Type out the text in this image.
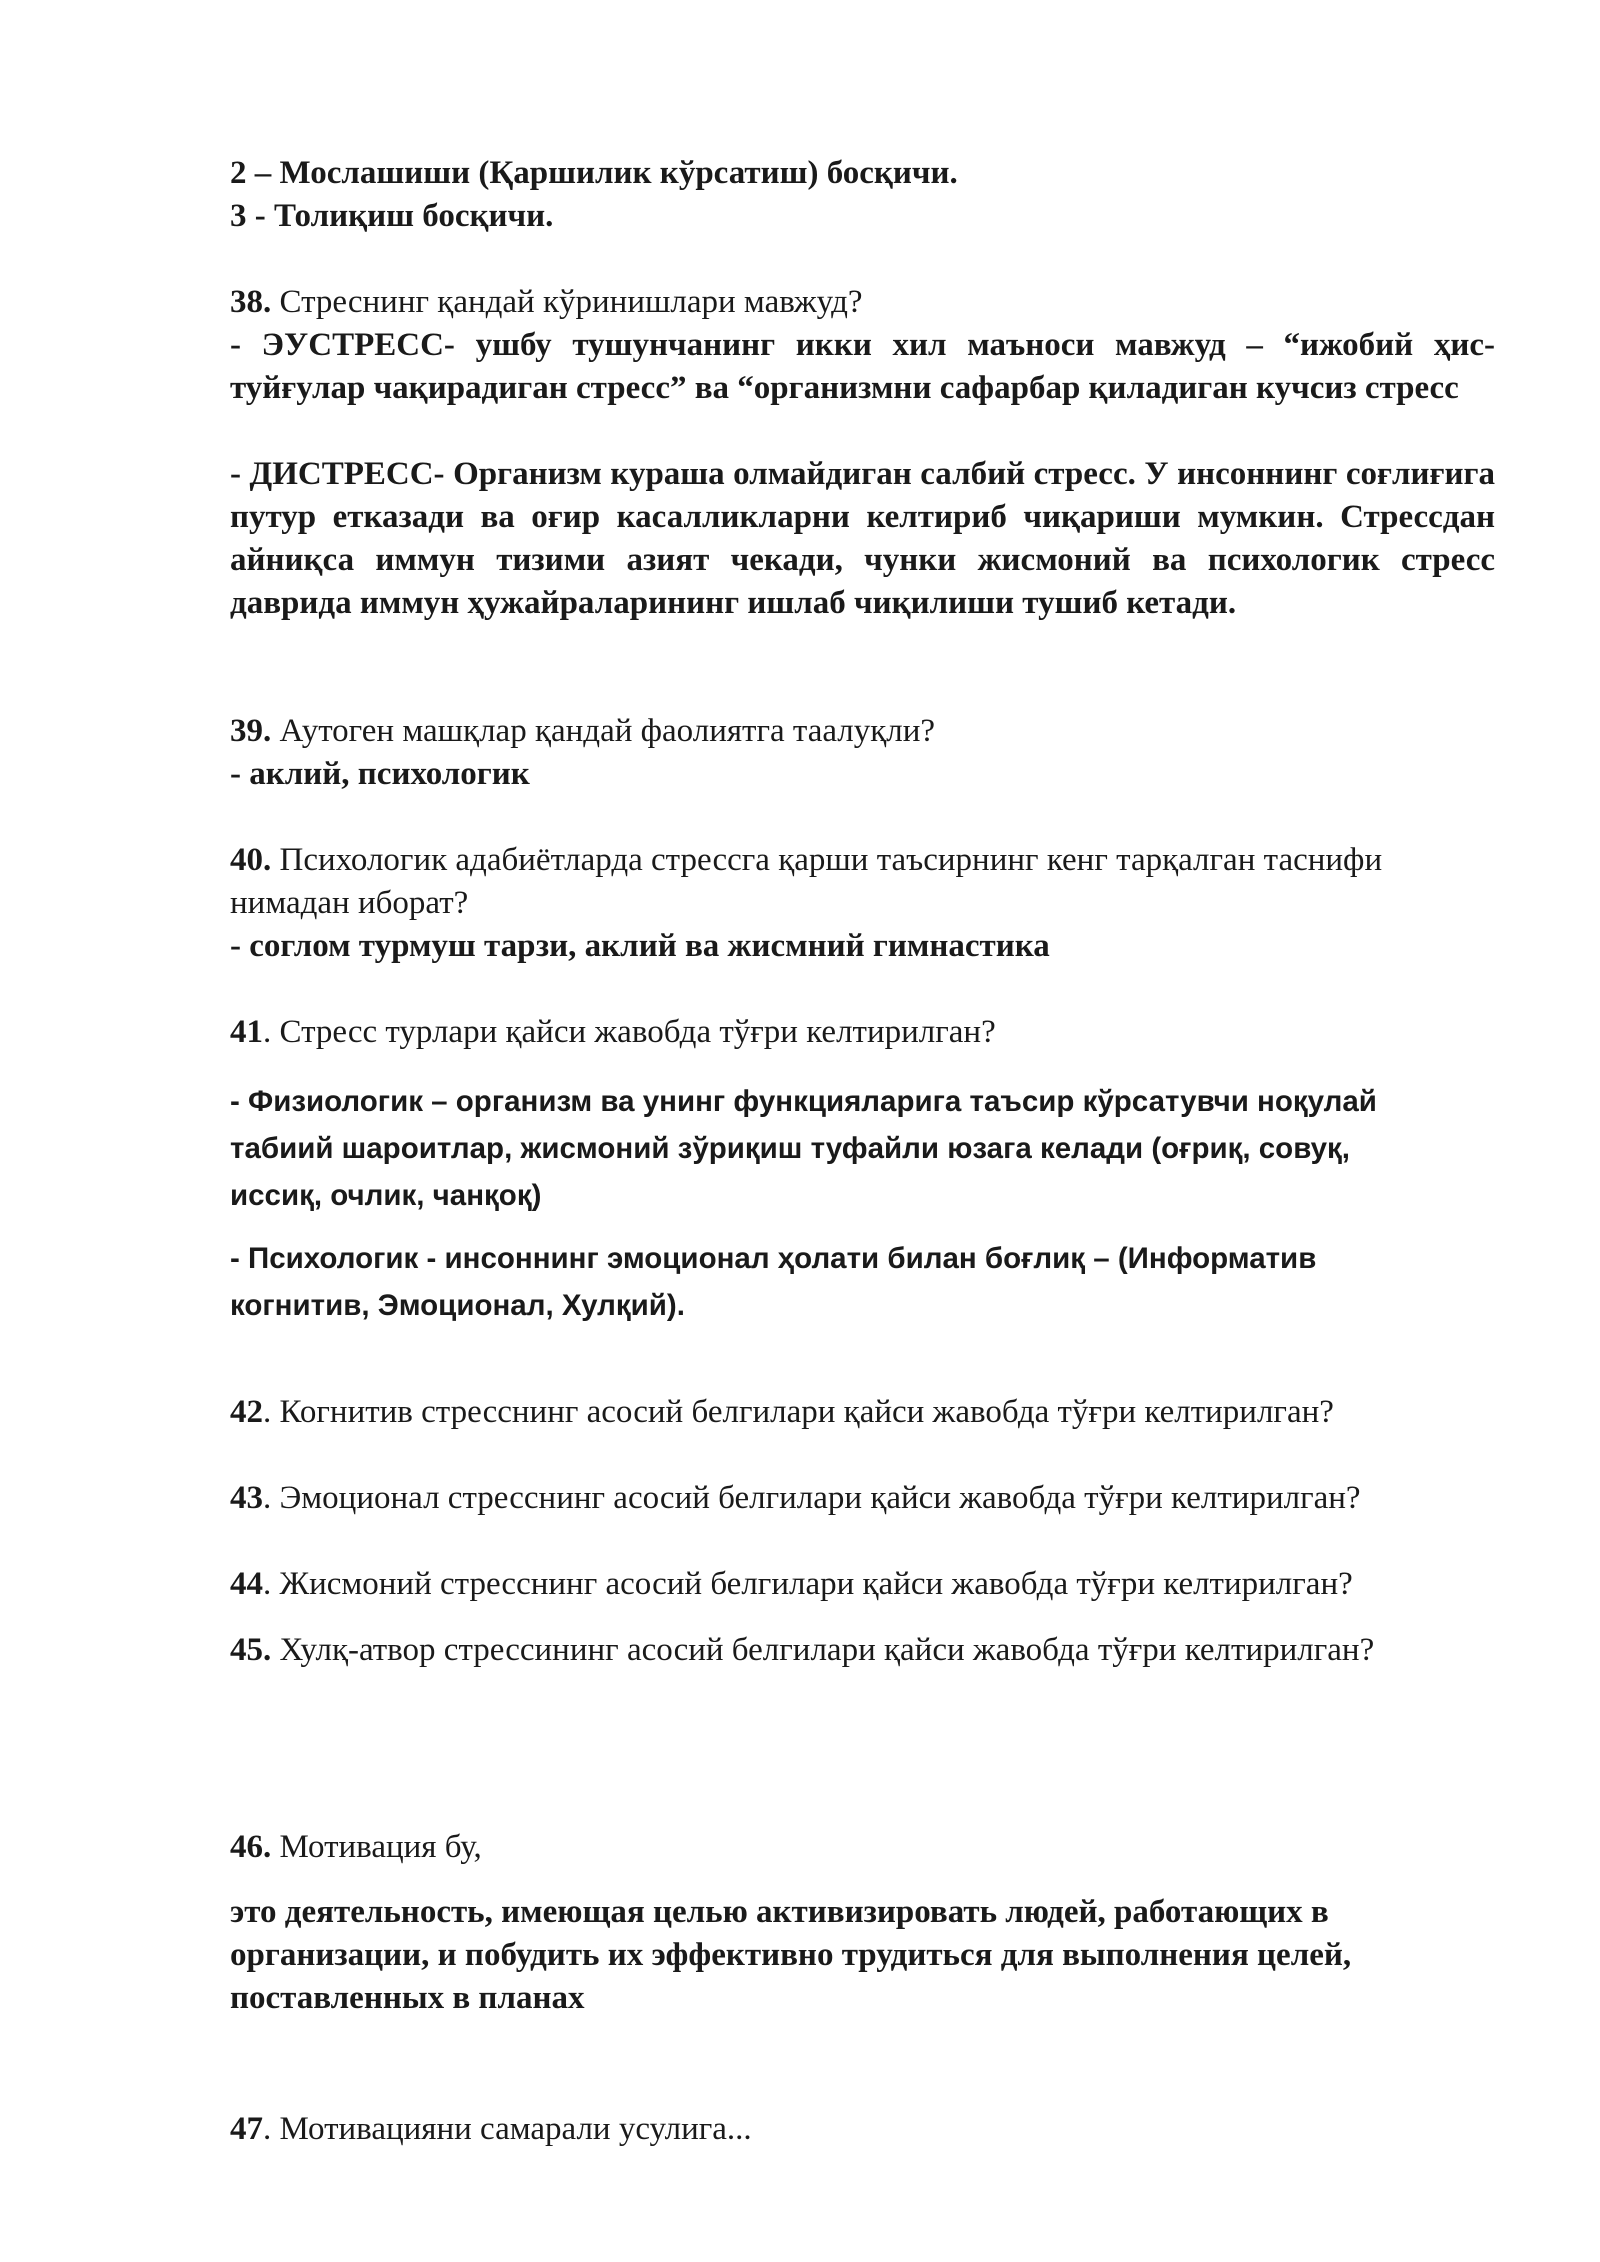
2 – Мослашиши (Қаршилик кўрсатиш) босқичи.
3 - Толиқиш босқичи.

38. Стреснинг қандай кўринишлари мавжуд?

- ЭУСТРЕСС- ушбу тушунчанинг икки хил маъноси мавжуд – “ижобий ҳис-туйғулар чақирадиган стресс” ва “организмни сафарбар қиладиган кучсиз стресс

- ДИСТРЕСС- Организм кураша олмайдиган салбий стресс. У инсоннинг соғлиғига путур етказади ва оғир касалликларни келтириб чиқариши мумкин. Стрессдан айниқса иммун тизими азият чекади, чунки жисмоний ва психологик стресс даврида иммун ҳужайраларининг ишлаб чиқилиши тушиб кетади.

39. Аутоген машқлар қандай фаолиятга таалуқли?

- аклий, психологик

40. Психологик адабиётларда стрессга қарши таъсирнинг кенг тарқалган таснифи нимадан иборат?

- соглом турмуш тарзи, аклий ва жисмний гимнастика

41. Стресс турлари қайси жавобда тўғри келтирилган?

- Физиологик – организм ва унинг функцияларига таъсир кўрсатувчи ноқулай табиий шароитлар, жисмоний зўриқиш туфайли юзага келади (оғриқ, совуқ, иссиқ, очлик, чанқоқ)

- Психологик - инсоннинг эмоционал ҳолати билан боғлиқ – (Информатив когнитив, Эмоционал, Хулқий).

42. Когнитив стресснинг асосий белгилари қайси жавобда тўғри келтирилган?

43. Эмоционал стресснинг асосий белгилари қайси жавобда тўғри келтирилган?

44. Жисмоний стресснинг асосий белгилари қайси жавобда тўғри келтирилган?

45. Хулқ-атвор стрессининг асосий белгилари қайси жавобда тўғри келтирилган?

46. Мотивация бу,

это деятельность, имеющая целью активизировать людей, работающих в организации, и побудить их эффективно трудиться для выполнения целей, поставленных в планах

47. Мотивацияни самарали усулига...
